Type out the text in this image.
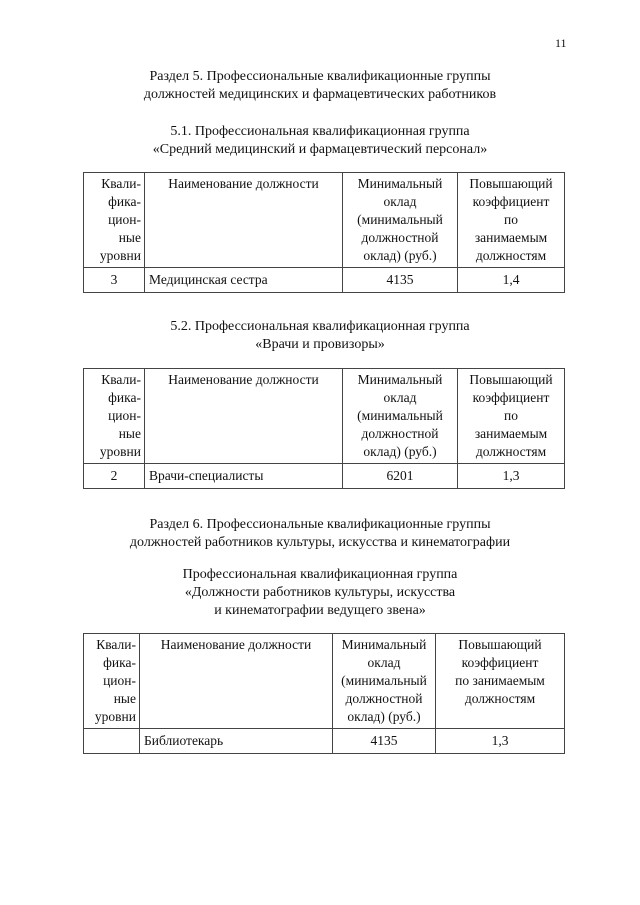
11
Раздел 5. Профессиональные квалификационные группы
должностей медицинских и фармацевтических работников
5.1. Профессиональная квалификационная группа
«Средний медицинский и фармацевтический персонал»
Квали-
фика-
цион-
ные
уровни	Наименование должности	Минимальный
оклад
(минимальный
должностной
оклад) (руб.)	Повышающий
коэффициент
по
занимаемым
должностям

3	Медицинская сестра	4135	1,4
5.2. Профессиональная квалификационная группа
«Врачи и провизоры»
Квали-
фика-
цион-
ные
уровни	Наименование должности	Минимальный
оклад
(минимальный
должностной
оклад) (руб.)	Повышающий
коэффициент
по
занимаемым
должностям

2	Врачи-специалисты	6201	1,3
Раздел 6. Профессиональные квалификационные группы
должностей работников культуры, искусства и кинематографии
Профессиональная квалификационная группа
«Должности работников культуры, искусства
и кинематографии ведущего звена»
Квали-
фика-
цион-
ные
уровни	Наименование должности	Минимальный
оклад
(минимальный
должностной
оклад) (руб.)	Повышающий
коэффициент
по занимаемым
должностям

	Библиотекарь	4135	1,3
